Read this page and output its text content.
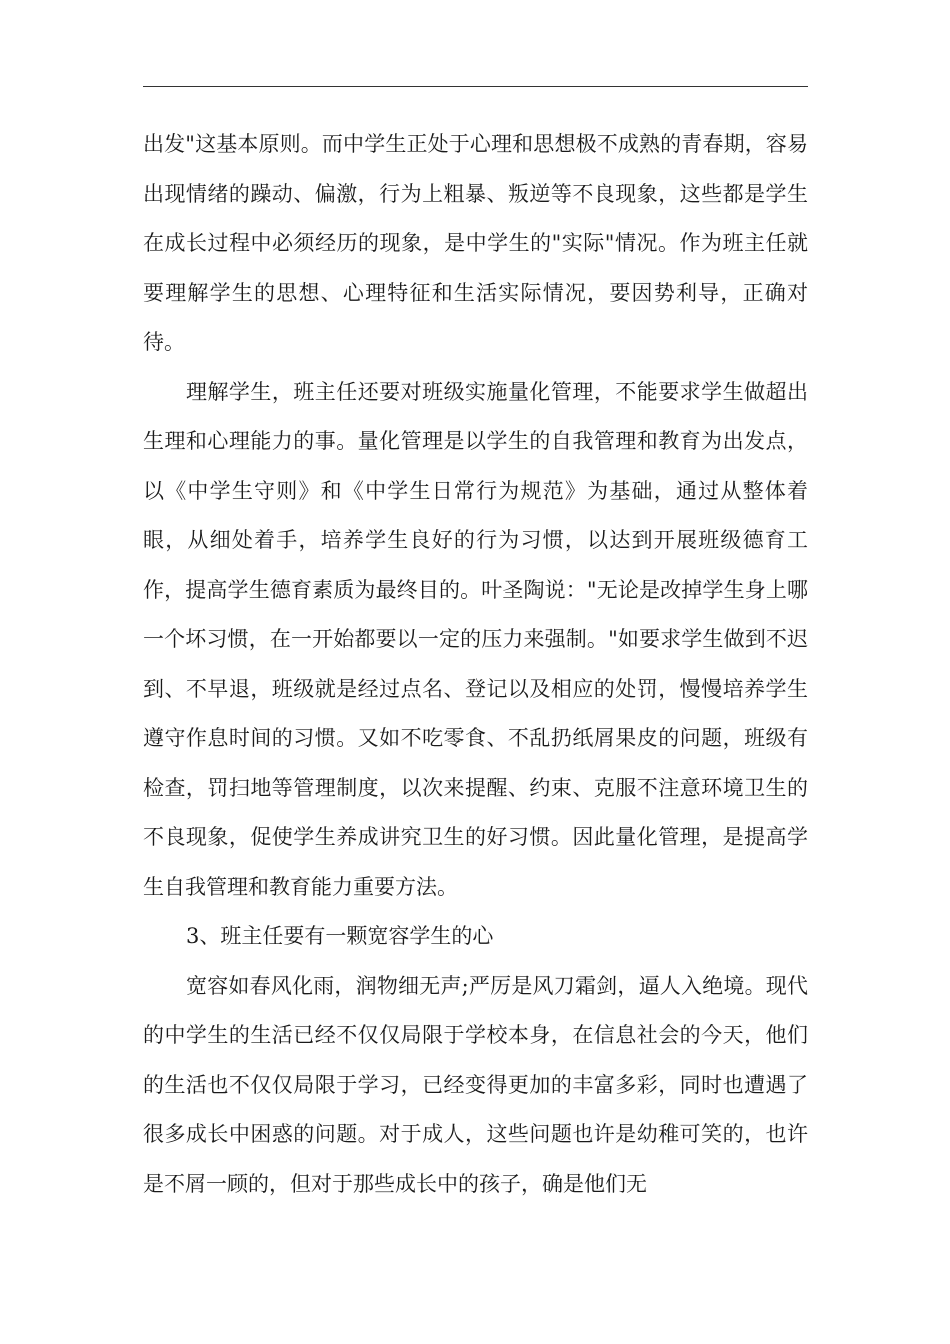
出发"这基本原则。而中学生正处于心理和思想极不成熟的青春期，容易出现情绪的躁动、偏激，行为上粗暴、叛逆等不良现象，这些都是学生在成长过程中必须经历的现象，是中学生的"实际"情况。作为班主任就要理解学生的思想、心理特征和生活实际情况，要因势利导，正确对待。

理解学生，班主任还要对班级实施量化管理，不能要求学生做超出生理和心理能力的事。量化管理是以学生的自我管理和教育为出发点，以《中学生守则》和《中学生日常行为规范》为基础，通过从整体着眼，从细处着手，培养学生良好的行为习惯，以达到开展班级德育工作，提高学生德育素质为最终目的。叶圣陶说："无论是改掉学生身上哪一个坏习惯，在一开始都要以一定的压力来强制。"如要求学生做到不迟到、不早退，班级就是经过点名、登记以及相应的处罚，慢慢培养学生遵守作息时间的习惯。又如不吃零食、不乱扔纸屑果皮的问题，班级有检查，罚扫地等管理制度，以次来提醒、约束、克服不注意环境卫生的不良现象，促使学生养成讲究卫生的好习惯。因此量化管理，是提高学生自我管理和教育能力重要方法。

3、班主任要有一颗宽容学生的心

宽容如春风化雨，润物细无声;严厉是风刀霜剑，逼人入绝境。现代的中学生的生活已经不仅仅局限于学校本身，在信息社会的今天，他们的生活也不仅仅局限于学习，已经变得更加的丰富多彩，同时也遭遇了很多成长中困惑的问题。对于成人，这些问题也许是幼稚可笑的，也许是不屑一顾的，但对于那些成长中的孩子，确是他们无
